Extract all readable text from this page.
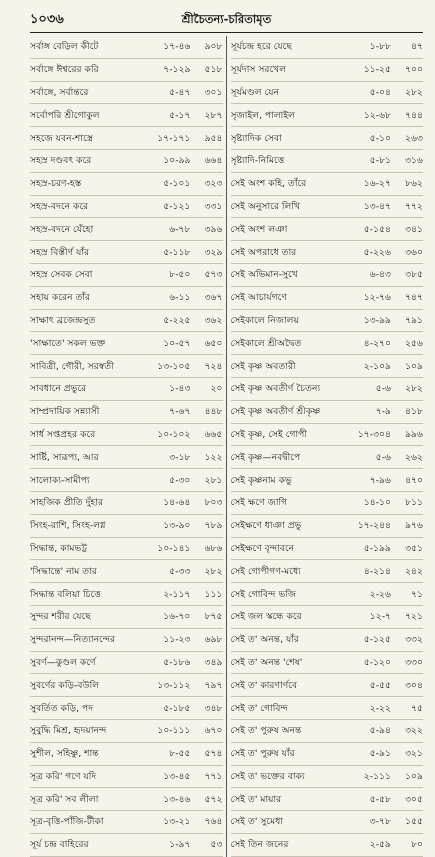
১০৩৬	শ্রীচৈতন্য-চরিতামৃত
সর্বাঙ্গ বেড়িল কীটে	১৭-৪৬	৯০৮
সর্বাঙ্গে ঈশ্বরের করি	৭-১২৯	৫১৮
সর্বাঙ্গে, সর্বান্তরে	৫-৪৭	৩০১
সর্বোপরি শ্রীগোকুল	৫-১৭	২৮৭
সহজে যবন-শাস্ত্রে	১৭-১৭১	৯৫৪
সহস্র দণ্ডবৎ করে	১০-৯৯	৬৬৪
সহস্র-চরণ-হস্ত	৫-১০১	৩২৩
সহস্র-বদনে করে	৫-১২১	৩৩১
সহস্র-বদনে যেঁহো	৬-৭৮	৩৯৬
সহস্র বিস্তীর্ণ যাঁর	৫-১১৮	৩২৯
সহস্র সেবক সেবা	৮-৫০	৫৭৩
সহায় করেন তাঁর	৬-১১	৩৬৭
সাক্ষাৎ ব্রজেন্দ্রসুত	৫-২২৫	৩৬২
'সাক্ষাতে' সকল ভক্ত	১০-৫৭	৬৫০
সাবিত্রী, গৌরী, সরস্বতী	১৩-১০৫	৭২৪
সাবধানে প্রভুরে	১-৪৩	২০
সাম্প্রদায়িক সন্ন্যাসী	৭-৬৭	৪৪৮
সার্ধ সপ্তপ্রহর করে	১০-১০২	৬৬৫
সার্ষ্টি, সারূপ্য, আর	৩-১৮	১২২
সালোক্য-সামীপ্য	৫-৩০	২৮১
সাহজিক প্রীতি দুঁহার	১৪-৬৪	৮০৩
সিংহ-রাশি, সিংহ-লগ্ন	১৩-৯০	৭৮৯
সিদ্ধান্ত, কামভট্ট	১০-১৪১	৬৮৬
'সিদ্ধান্তে' নাম তার	৫-৩৩	২৮২
সিদ্ধান্ত বলিয়া চিত্তে	২-১১৭	১১১
সুন্দর শরীর যেছে	১৬-৭০	৮৭৫
সুন্দরানন্দ—নিত্যানন্দের	১১-২৩	৬৯৮
সুবর্ণ—কুণ্ডল কর্ণে	৫-১৮৬	৩৪৯
সুবর্ণের কড়ি-বউলি	১৩-১১২	৭৯৭
সুবর্তিত কড়ি, পদ	৫-১৮৫	৩৪৮
সুবুদ্ধি মিশ্র, হৃদয়ানন্দ	১০-১১১	৬৭০
সুশীল, সহিষ্ণু, শান্ত	৮-৫৫	৫৭৪
সূত্র করি' গণে যদি	১৩-৪৫	৭৭১
সূত্র করি' সব লীলা	১৩-৪৬	৫৭২
সূত্র-বৃত্তি-পাঁজি-টীকা	১৩-২১	৭৬৪
সূর্য চন্দ্র বাহিরের	১-৯৭	৫৩
সূর্যচন্দ্র হরে যেছে	১-৮৮	৪৭
সূর্যদাস সরখেল	১১-২৫	৭০০
সূর্যমণ্ডল যেন	৫-০৪	২৮২
সৃজাইল, পালাইল	১২-৬৮	৭৪৪
সৃষ্ট্যাদিক সেবা	৫-১০	২৬৩
সৃষ্ট্যাদি-নিমিত্তে	৫-৮১	৩১৬
সেই অংশ কহি, তাঁরে	১৬-২৭	৮৬২
সেই অনুসারে লিখি	১৩-৪৭	৭৭২
সেই অংশ লঞা	৫-১৫৪	৩৪১
সেই অপরাধে তার	৫-২২৬	৩৬০
সেই অভিমান-সুখে	৬-৪৩	৩৮৫
সেই আচার্যগণে	১২-৭৬	৭৪৭
সেইকালে নিজালয়	১৩-৯৯	৭৯১
সেইকালে শ্রীঅদ্বৈত	৪-২৭০	২৫৬
সেই কৃষ্ণ অবতারী	২-১০৯	১০৯
সেই কৃষ্ণ অবতীর্ণ চৈতন্য	৫-৬	২৮২
সেই কৃষ্ণ অবতীর্ণ শ্রীকৃষ্ণ	৭-৯	৪১৮
সেই কৃষ্ণ, সেই গোপী	১৭-৩০৪	৯৯৬
সেই কৃষ্ণ—নবদ্বীপে	৫-৬	২৬২
সেই কৃষ্ণনাম কভু	৭-৯৬	৪৭০
সেই ক্ষণে জাগি	১৪-১০	৮১১
সেইক্ষণে ধাঞা প্রভু	১৭-২৪৪	৯৭৬
সেইক্ষণে বৃন্দাবনে	৫-১৯৯	৩৫১
সেই গোপীগণ-মধ্যে	৪-২১৪	২৪২
সেই গোবিন্দ ভজি	২-২৬	৭১
সেই জল স্কন্ধে করে	১২-৭	৭২১
সেই ত' অনন্ত, যাঁর	৫-১২৫	৩৩২
সেই ত' অনন্ত 'শেষ'	৫-১২০	৩৩০
সেই ত' কারণার্ণবে	৫-৫৫	৩০৪
সেই ত' গোবিন্দ	২-২২	৭৫
সেই ত' পুরুষ অনন্ত	৫-৯৪	৩২২
সেই ত' পুরুষ যাঁর	৫-৯১	৩২১
সেই ত' ভক্তের বাক্য	২-১১১	১০৯
সেই ত' মায়ার	৫-৫৮	৩০৫
সেই ত' সুমেধা	৩-৭৮	১৫৫
সেই তিন জনের	২-৫৯	৮০
